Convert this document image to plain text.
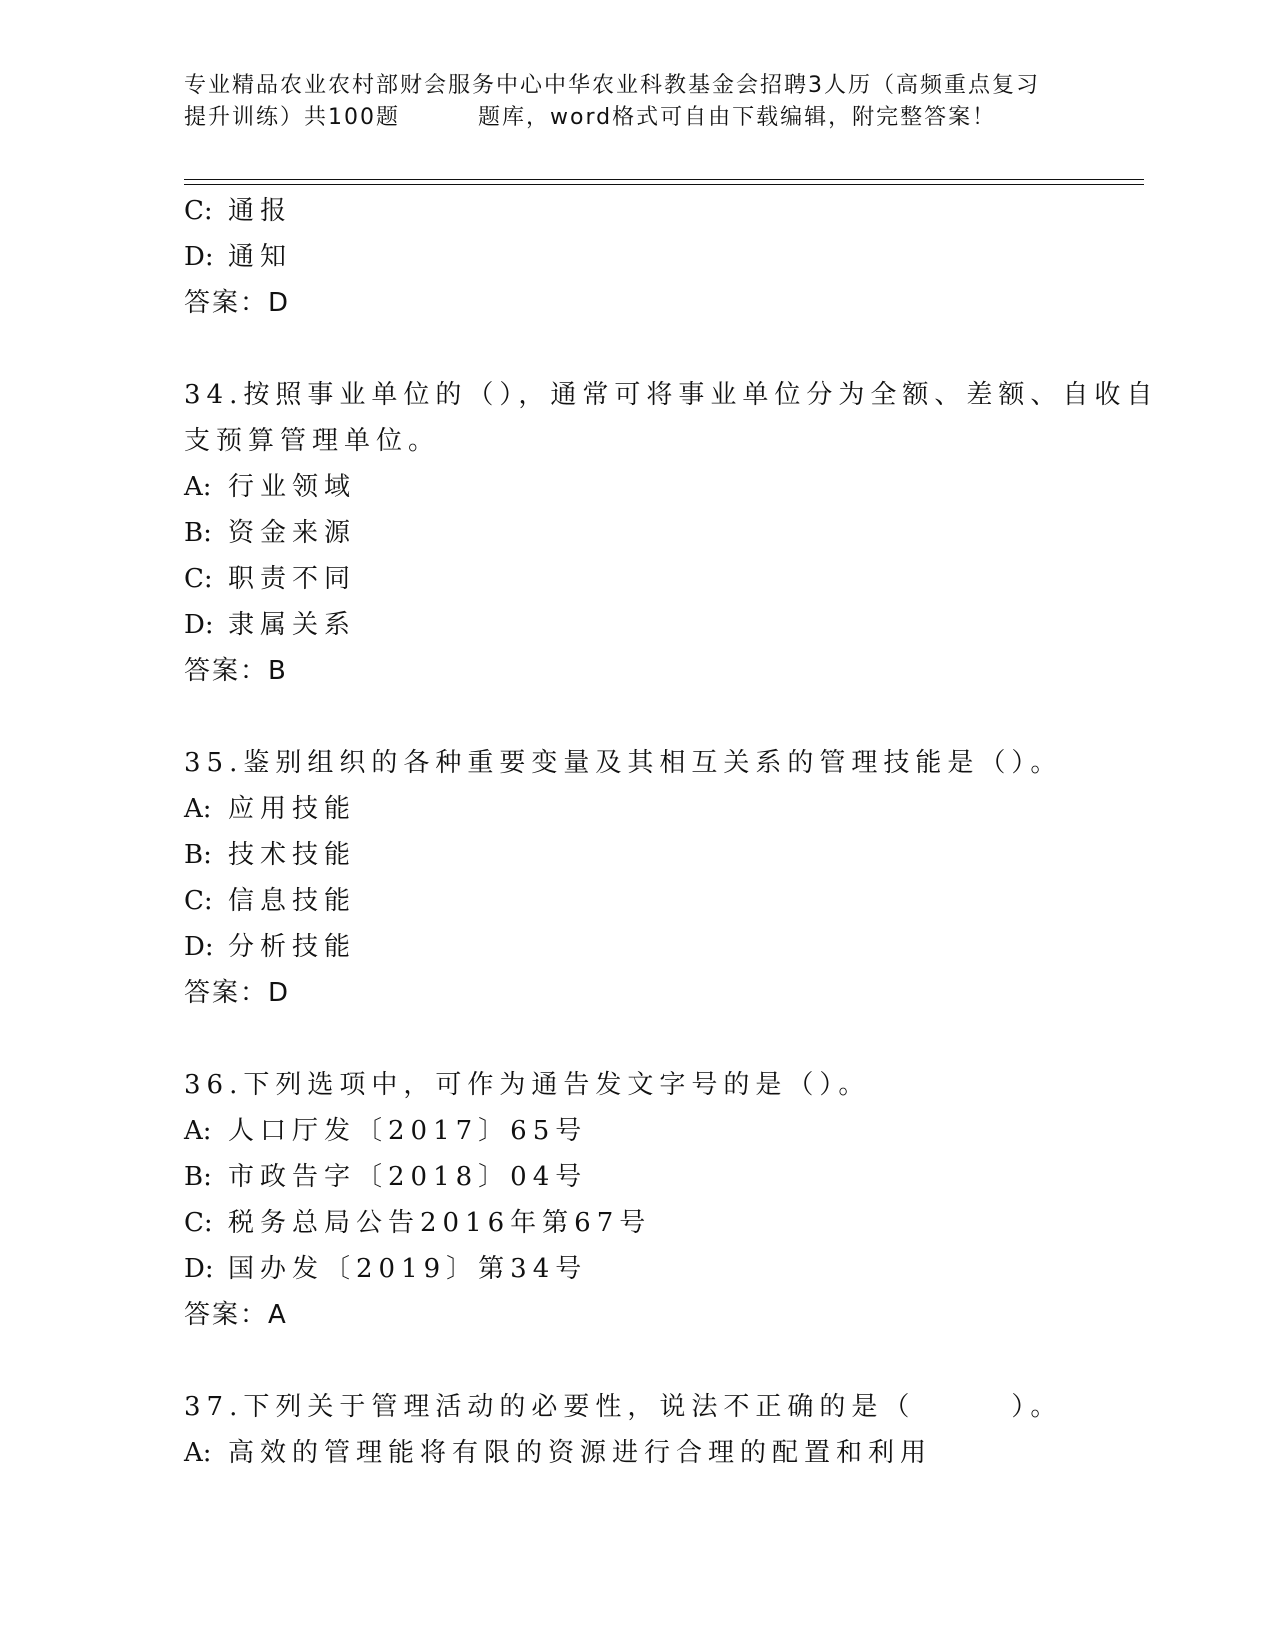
专业精品农业农村部财会服务中心中华农业科教基金会招聘3人历（高频重点复习
提升训练）共100题	题库，word格式可自由下载编辑，附完整答案！
C: 通报
D: 通知
答案：D
34.按照事业单位的（），通常可将事业单位分为全额、差额、自收自
支预算管理单位。
A: 行业领域
B: 资金来源
C: 职责不同
D: 隶属关系
答案：B
35.鉴别组织的各种重要变量及其相互关系的管理技能是（）。
A: 应用技能
B: 技术技能
C: 信息技能
D: 分析技能
答案：D
36.下列选项中，可作为通告发文字号的是（）。
A: 人口厅发〔2017〕65号
B: 市政告字〔2018〕04号
C: 税务总局公告2016年第67号
D: 国办发〔2019〕第34号
答案：A
37.下列关于管理活动的必要性，说法不正确的是（　　　）。
A: 高效的管理能将有限的资源进行合理的配置和利用
